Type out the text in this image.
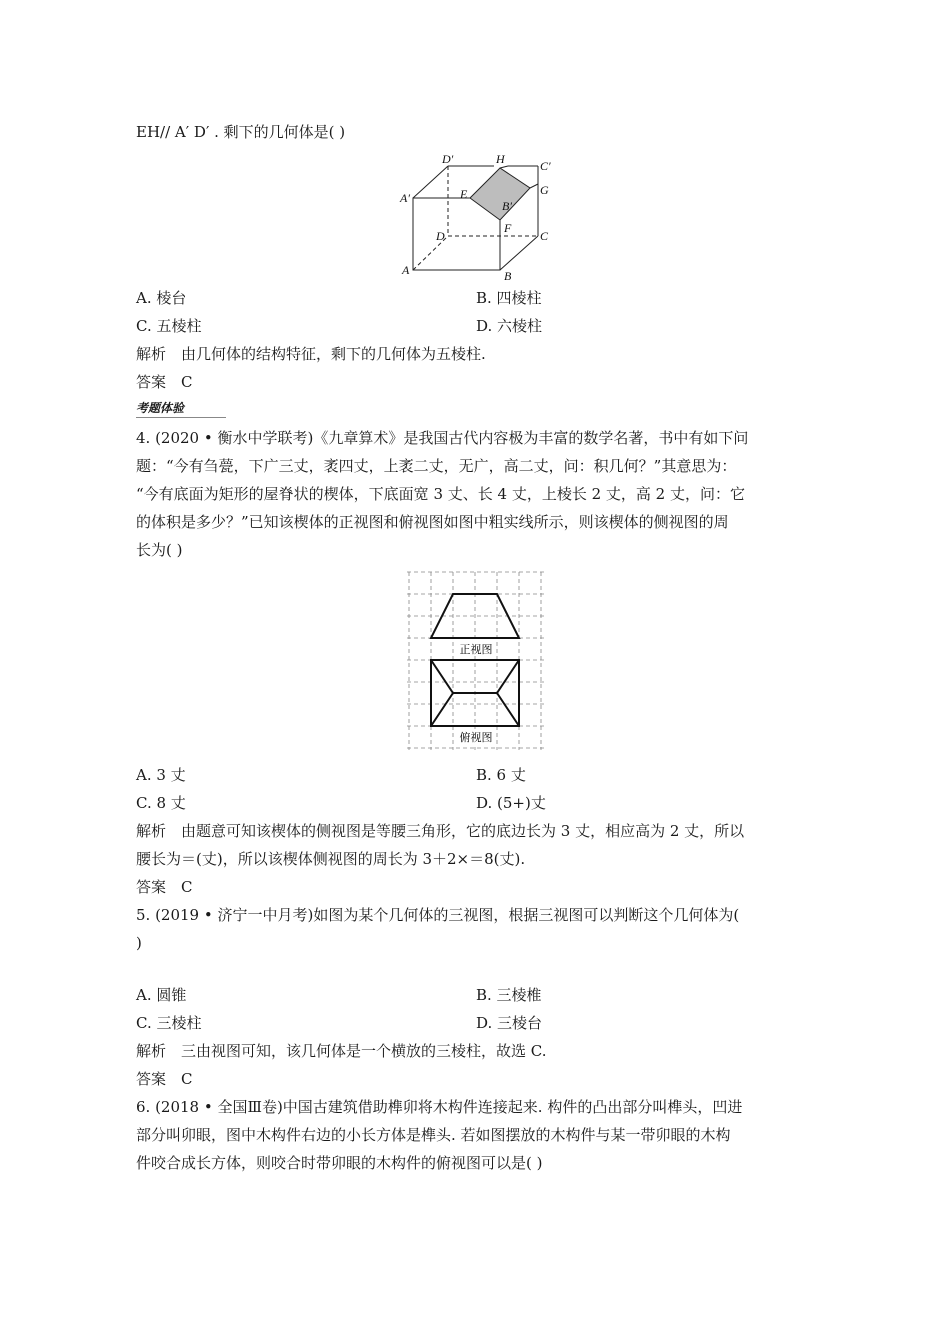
EH// A′ D′ . 剩下的几何体是( )
D′	H	C′
E	G
A′
B′
F
D	C
A	B
A. 棱台	B. 四棱柱
C. 五棱柱	D. 六棱柱
解析　由几何体的结构特征，剩下的几何体为五棱柱.
答案　C
考题体验
4. (2020 • 衡水中学联考)《九章算术》是我国古代内容极为丰富的数学名著，书中有如下问
题：“今有刍甍，下广三丈，袤四丈，上袤二丈，无广，高二丈，问：积几何？”其意思为：
“今有底面为矩形的屋脊状的楔体，下底面宽 3 丈、长 4 丈，上棱长 2 丈，高 2 丈，问：它
的体积是多少？”已知该楔体的正视图和俯视图如图中粗实线所示，则该楔体的侧视图的周
长为( )
正视图
俯视图
A. 3 丈	B. 6 丈
C. 8 丈	D. (5+)丈
解析　由题意可知该楔体的侧视图是等腰三角形，它的底边长为 3 丈，相应高为 2 丈，所以
腰长为＝(丈)，所以该楔体侧视图的周长为 3＋2×＝8(丈).
答案　C
5. (2019 • 济宁一中月考)如图为某个几何体的三视图，根据三视图可以判断这个几何体为(
)
A. 圆锥	B. 三棱椎
C. 三棱柱	D. 三棱台
解析　三由视图可知，该几何体是一个横放的三棱柱，故选 C.
答案　C
6. (2018 • 全国Ⅲ卷)中国古建筑借助榫卯将木构件连接起来. 构件的凸出部分叫榫头，凹进
部分叫卯眼，图中木构件右边的小长方体是榫头. 若如图摆放的木构件与某一带卯眼的木构
件咬合成长方体，则咬合时带卯眼的木构件的俯视图可以是( )
